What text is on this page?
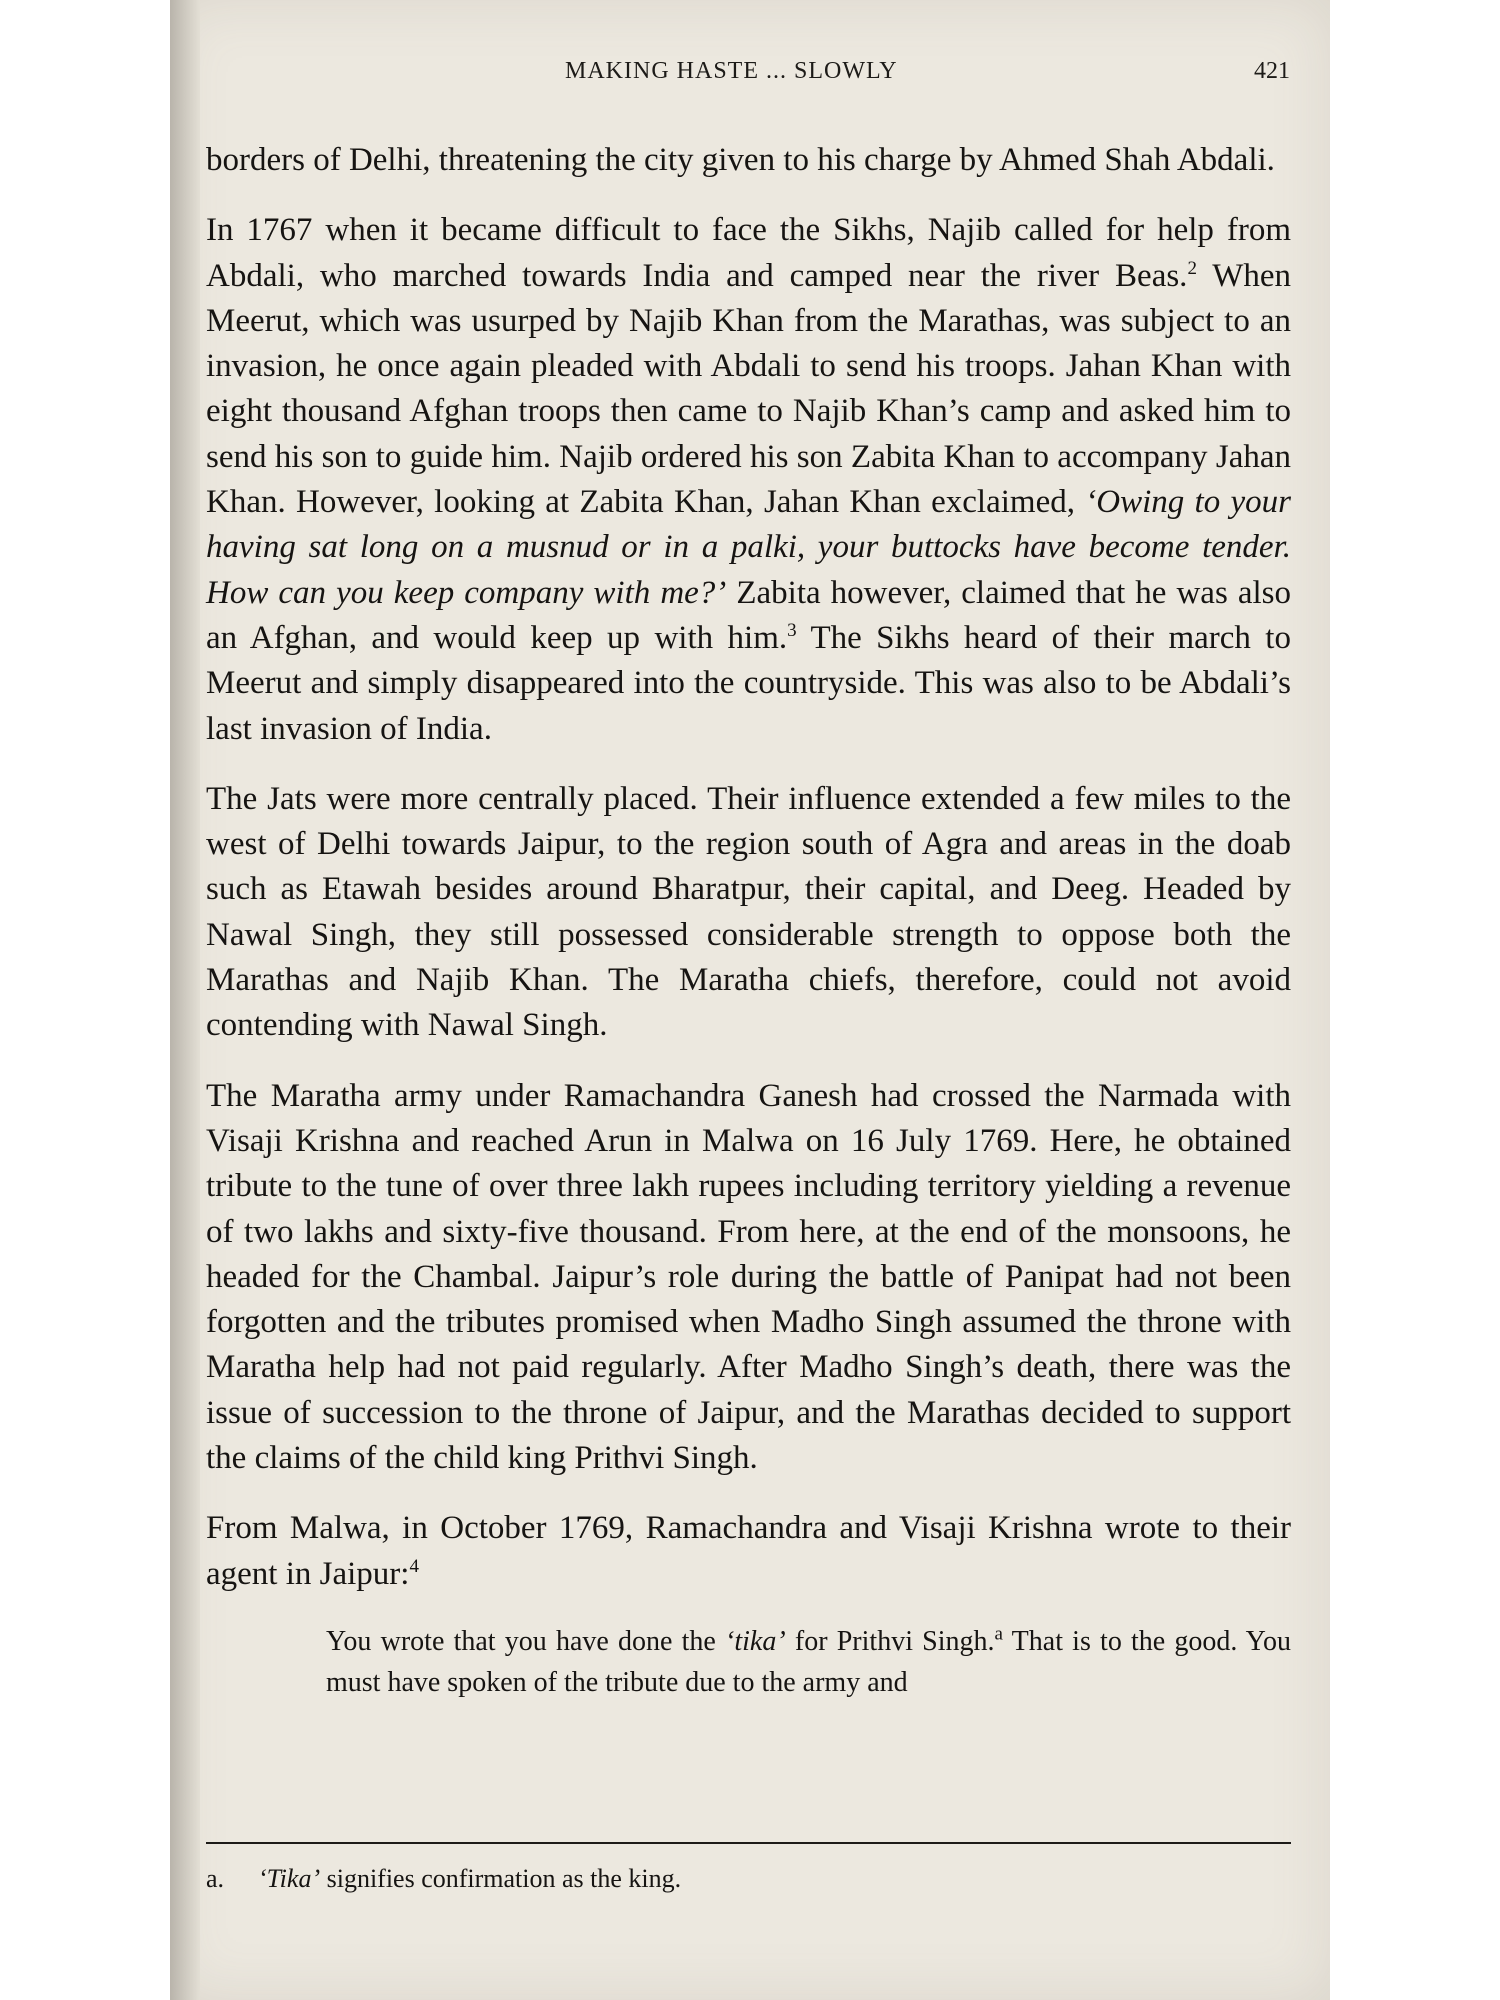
MAKING HASTE ... SLOWLY	421

borders of Delhi, threatening the city given to his charge by Ahmed Shah Abdali.

In 1767 when it became difficult to face the Sikhs, Najib called for help from Abdali, who marched towards India and camped near the river Beas.$^2$ When Meerut, which was usurped by Najib Khan from the Marathas, was subject to an invasion, he once again pleaded with Abdali to send his troops. Jahan Khan with eight thousand Afghan troops then came to Najib Khan’s camp and asked him to send his son to guide him. Najib ordered his son Zabita Khan to accompany Jahan Khan. However, looking at Zabita Khan, Jahan Khan exclaimed, ‘Owing to your having sat long on a musnud or in a palki, your buttocks have become tender. How can you keep company with me?’ Zabita however, claimed that he was also an Afghan, and would keep up with him.$^3$ The Sikhs heard of their march to Meerut and simply disappeared into the countryside. This was also to be Abdali’s last invasion of India.

The Jats were more centrally placed. Their influence extended a few miles to the west of Delhi towards Jaipur, to the region south of Agra and areas in the doab such as Etawah besides around Bharatpur, their capital, and Deeg. Headed by Nawal Singh, they still possessed considerable strength to oppose both the Marathas and Najib Khan. The Maratha chiefs, therefore, could not avoid contending with Nawal Singh.

The Maratha army under Ramachandra Ganesh had crossed the Narmada with Visaji Krishna and reached Arun in Malwa on 16 July 1769. Here, he obtained tribute to the tune of over three lakh rupees including territory yielding a revenue of two lakhs and sixty-five thousand. From here, at the end of the monsoons, he headed for the Chambal. Jaipur’s role during the battle of Panipat had not been forgotten and the tributes promised when Madho Singh assumed the throne with Maratha help had not paid regularly. After Madho Singh’s death, there was the issue of succession to the throne of Jaipur, and the Marathas decided to support the claims of the child king Prithvi Singh.

From Malwa, in October 1769, Ramachandra and Visaji Krishna wrote to their agent in Jaipur:$^4$

You wrote that you have done the ‘tika’ for Prithvi Singh.$^a$ That is to the good. You must have spoken of the tribute due to the army and

a. ‘Tika’ signifies confirmation as the king.
